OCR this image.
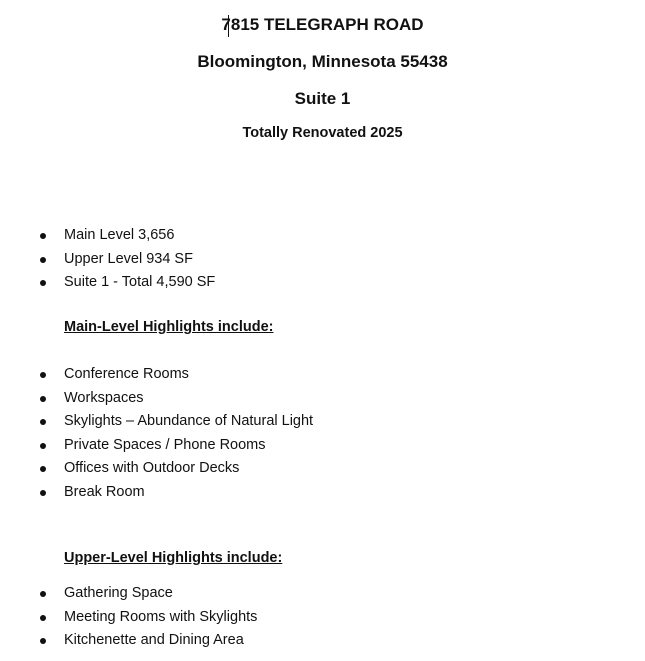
7815 TELEGRAPH ROAD
Bloomington, Minnesota 55438
Suite 1
Totally Renovated 2025
Main Level 3,656
Upper Level 934 SF
Suite 1 - Total 4,590 SF
Main-Level Highlights include:
Conference Rooms
Workspaces
Skylights – Abundance of Natural Light
Private Spaces / Phone Rooms
Offices with Outdoor Decks
Break Room
Upper-Level Highlights include:
Gathering Space
Meeting Rooms with Skylights
Kitchenette and Dining Area
